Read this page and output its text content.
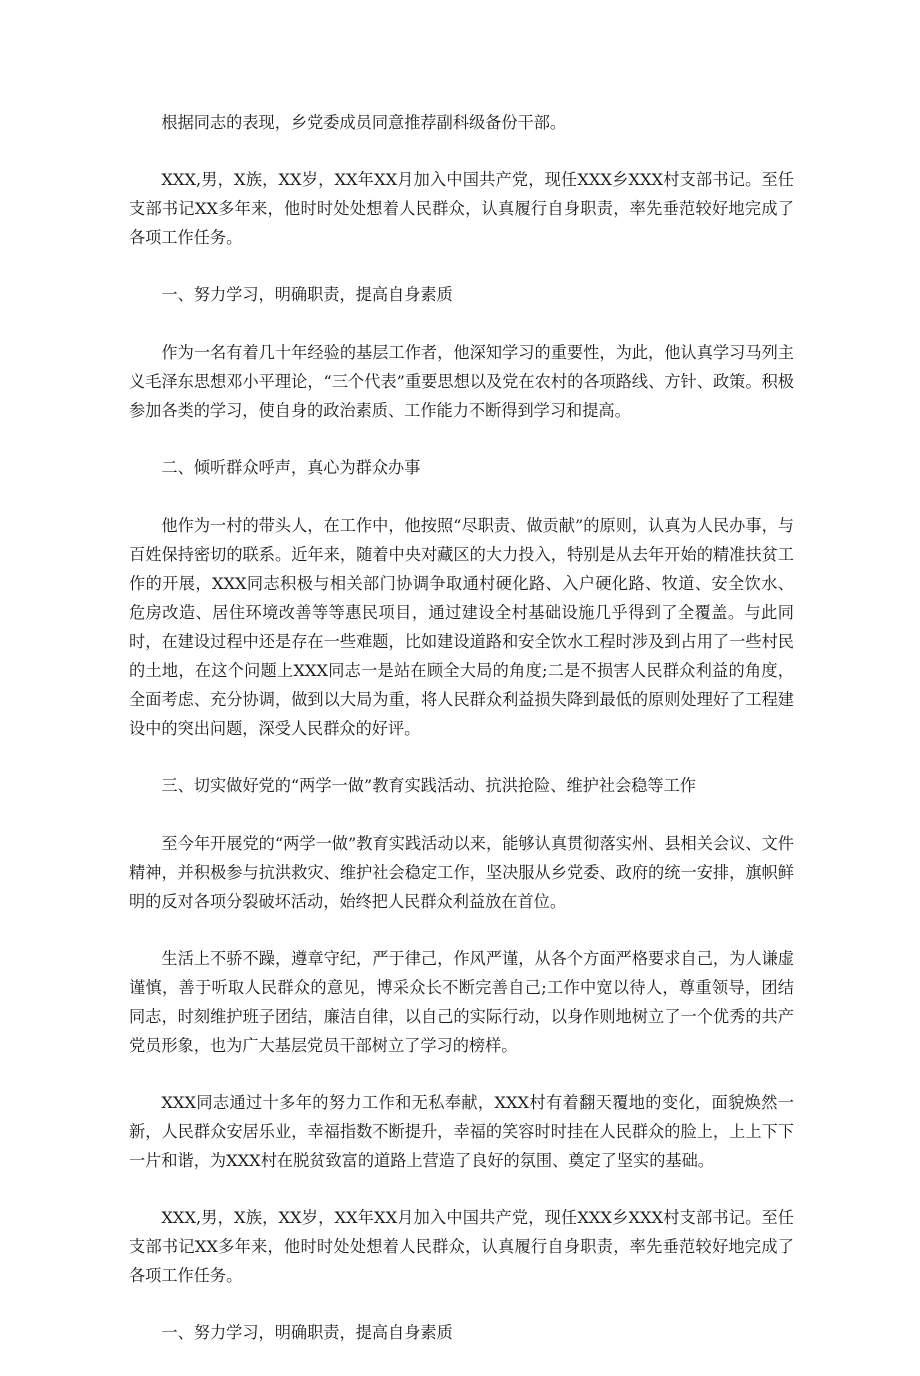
根据同志的表现，乡党委成员同意推荐副科级备份干部。

XXX,男，X族，XX岁，XX年XX月加入中国共产党，现任XXX乡XXX村支部书记。至任支部书记XX多年来，他时时处处想着人民群众，认真履行自身职责，率先垂范较好地完成了各项工作任务。

一、努力学习，明确职责，提高自身素质

作为一名有着几十年经验的基层工作者，他深知学习的重要性，为此，他认真学习马列主义毛泽东思想邓小平理论，“三个代表”重要思想以及党在农村的各项路线、方针、政策。积极参加各类的学习，使自身的政治素质、工作能力不断得到学习和提高。

二、倾听群众呼声，真心为群众办事

他作为一村的带头人，在工作中，他按照“尽职责、做贡献”的原则，认真为人民办事，与百姓保持密切的联系。近年来，随着中央对藏区的大力投入，特别是从去年开始的精准扶贫工作的开展，XXX同志积极与相关部门协调争取通村硬化路、入户硬化路、牧道、安全饮水、危房改造、居住环境改善等等惠民项目，通过建设全村基础设施几乎得到了全覆盖。与此同时，在建设过程中还是存在一些难题，比如建设道路和安全饮水工程时涉及到占用了一些村民的土地，在这个问题上XXX同志一是站在顾全大局的角度;二是不损害人民群众利益的角度，全面考虑、充分协调，做到以大局为重，将人民群众利益损失降到最低的原则处理好了工程建设中的突出问题，深受人民群众的好评。

三、切实做好党的“两学一做”教育实践活动、抗洪抢险、维护社会稳等工作

至今年开展党的“两学一做”教育实践活动以来，能够认真贯彻落实州、县相关会议、文件精神，并积极参与抗洪救灾、维护社会稳定工作，坚决服从乡党委、政府的统一安排，旗帜鲜明的反对各项分裂破坏活动，始终把人民群众利益放在首位。

生活上不骄不躁，遵章守纪，严于律己，作风严谨，从各个方面严格要求自己，为人谦虚谨慎，善于听取人民群众的意见，博采众长不断完善自己;工作中宽以待人，尊重领导，团结同志，时刻维护班子团结，廉洁自律，以自己的实际行动，以身作则地树立了一个优秀的共产党员形象，也为广大基层党员干部树立了学习的榜样。

XXX同志通过十多年的努力工作和无私奉献，XXX村有着翻天覆地的变化，面貌焕然一新，人民群众安居乐业，幸福指数不断提升，幸福的笑容时时挂在人民群众的脸上，上上下下一片和谐，为XXX村在脱贫致富的道路上营造了良好的氛围、奠定了坚实的基础。

XXX,男，X族，XX岁，XX年XX月加入中国共产党，现任XXX乡XXX村支部书记。至任支部书记XX多年来，他时时处处想着人民群众，认真履行自身职责，率先垂范较好地完成了各项工作任务。

一、努力学习，明确职责，提高自身素质
